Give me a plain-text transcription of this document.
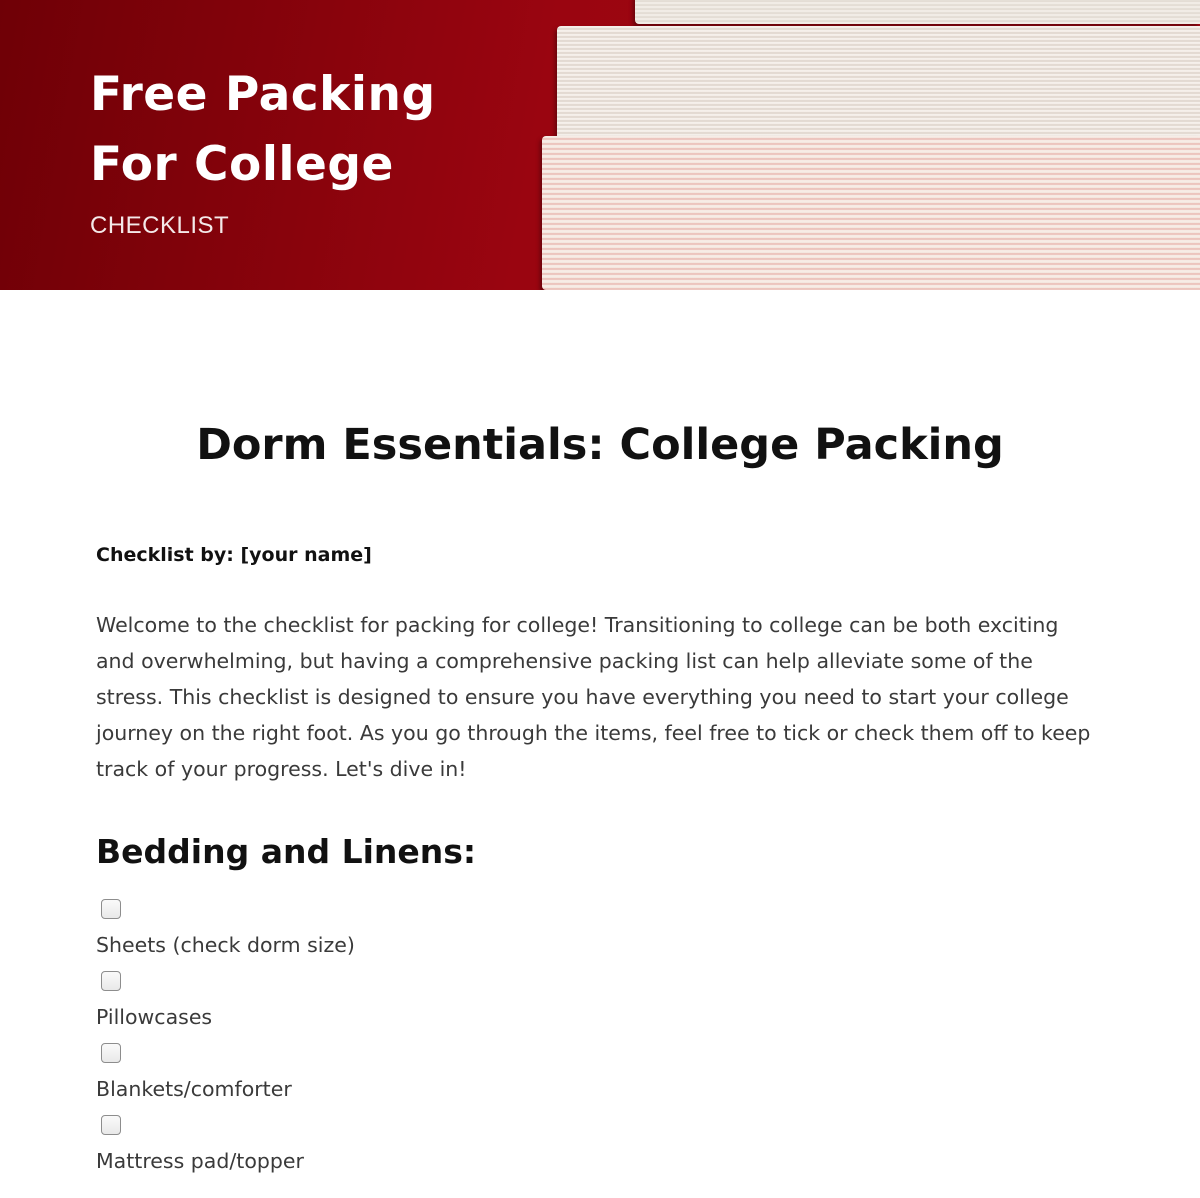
Free Packing
For College
CHECKLIST
Dorm Essentials: College Packing

Checklist by: [your name]

Welcome to the checklist for packing for college! Transitioning to college can be both exciting and overwhelming, but having a comprehensive packing list can help alleviate some of the stress. This checklist is designed to ensure you have everything you need to start your college journey on the right foot. As you go through the items, feel free to tick or check them off to keep track of your progress. Let's dive in!

Bedding and Linens:
Sheets (check dorm size)
Pillowcases
Blankets/comforter
Mattress pad/topper
